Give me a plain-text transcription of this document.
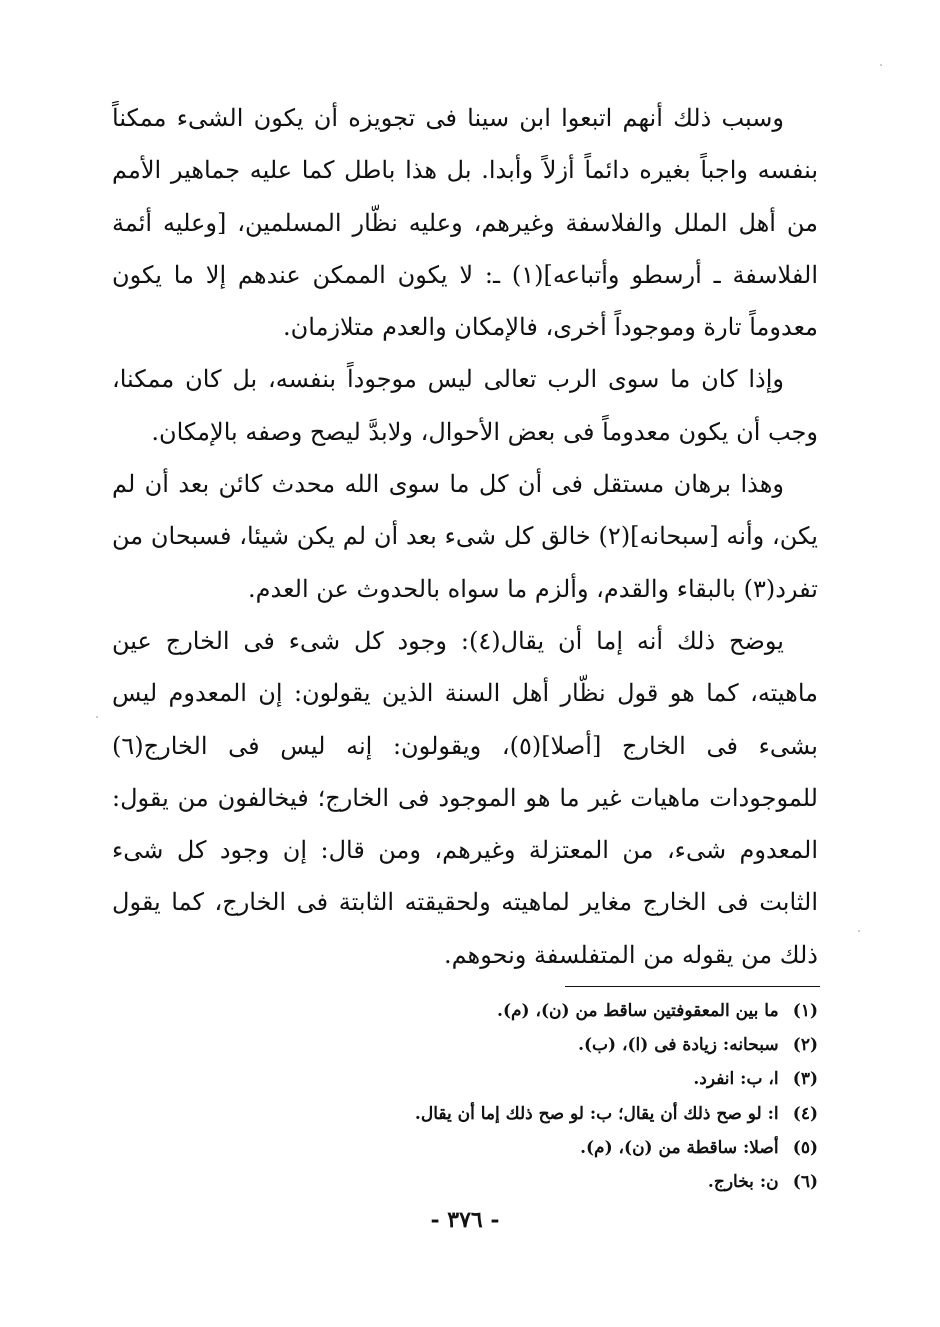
وسبب ذلك أنهم اتبعوا ابن سينا فى تجويزه أن يكون الشىء ممكناً بنفسه واجباً بغيره دائماً أزلاً وأبدا. بل هذا باطل كما عليه جماهير الأمم من أهل الملل والفلاسفة وغيرهم، وعليه نظّار المسلمين، [وعليه أئمة الفلاسفة ـ أرسطو وأتباعه](١) ـ: لا يكون الممكن عندهم إلا ما يكون معدوماً تارة وموجوداً أخرى، فالإمكان والعدم متلازمان.

وإذا كان ما سوى الرب تعالى ليس موجوداً بنفسه، بل كان ممكنا، وجب أن يكون معدوماً فى بعض الأحوال، ولابدَّ ليصح وصفه بالإمكان.

وهذا برهان مستقل فى أن كل ما سوى الله محدث كائن بعد أن لم يكن، وأنه [سبحانه](٢) خالق كل شىء بعد أن لم يكن شيئا، فسبحان من تفرد(٣) بالبقاء والقدم، وألزم ما سواه بالحدوث عن العدم.

يوضح ذلك أنه إما أن يقال(٤): وجود كل شىء فى الخارج عين ماهيته، كما هو قول نظّار أهل السنة الذين يقولون: إن المعدوم ليس بشىء فى الخارج [أصلا](٥)، ويقولون: إنه ليس فى الخارج(٦) للموجودات ماهيات غير ما هو الموجود فى الخارج؛ فيخالفون من يقول: المعدوم شىء، من المعتزلة وغيرهم، ومن قال: إن وجود كل شىء الثابت فى الخارج مغاير لماهيته ولحقيقته الثابتة فى الخارج، كما يقول ذلك من يقوله من المتفلسفة ونحوهم.

(١) ما بين المعقوفتين ساقط من (ن)، (م).
(٢) سبحانه: زيادة فى (ا)، (ب).
(٣) ا، ب: انفرد.
(٤) ا: لو صح ذلك أن يقال؛ ب: لو صح ذلك إما أن يقال.
(٥) أصلا: ساقطة من (ن)، (م).
(٦) ن: بخارج.
- ٣٧٦ -
